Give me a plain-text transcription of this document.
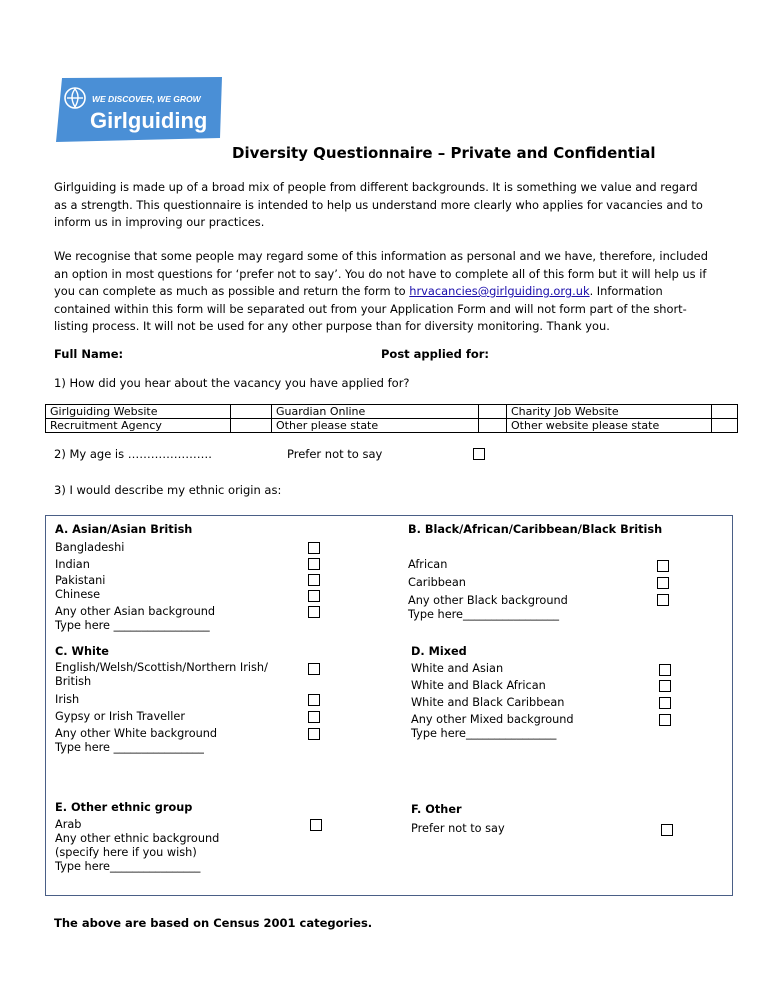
WE DISCOVER, WE GROW
Girlguiding
Diversity Questionnaire – Private and Confidential
Girlguiding is made up of a broad mix of people from different backgrounds. It is something we value and regard as a strength. This questionnaire is intended to help us understand more clearly who applies for vacancies and to inform us in improving our practices.
We recognise that some people may regard some of this information as personal and we have, therefore, included an option in most questions for ‘prefer not to say’. You do not have to complete all of this form but it will help us if you can complete as much as possible and return the form to hrvacancies@girlguiding.org.uk. Information contained within this form will be separated out from your Application Form and will not form part of the short-listing process. It will not be used for any other purpose than for diversity monitoring. Thank you.
Full Name:	Post applied for:
1) How did you hear about the vacancy you have applied for?
Girlguiding Website		Guardian Online		Charity Job Website	
Recruitment Agency		Other please state		Other website please state	
2) My age is ………………….	Prefer not to say
3) I would describe my ethnic origin as:
A. Asian/Asian British
Bangladeshi
Indian
Pakistani
Chinese
Any other Asian background
Type here _________________
B. Black/African/Caribbean/Black British
African
Caribbean
Any other Black background
Type here_________________
C. White
English/Welsh/Scottish/Northern Irish/
British
Irish
Gypsy or Irish Traveller
Any other White background
Type here ________________
D. Mixed
White and Asian
White and Black African
White and Black Caribbean
Any other Mixed background
Type here________________
E. Other ethnic group
Arab
Any other ethnic background
(specify here if you wish)
Type here________________
F. Other
Prefer not to say
The above are based on Census 2001 categories.
